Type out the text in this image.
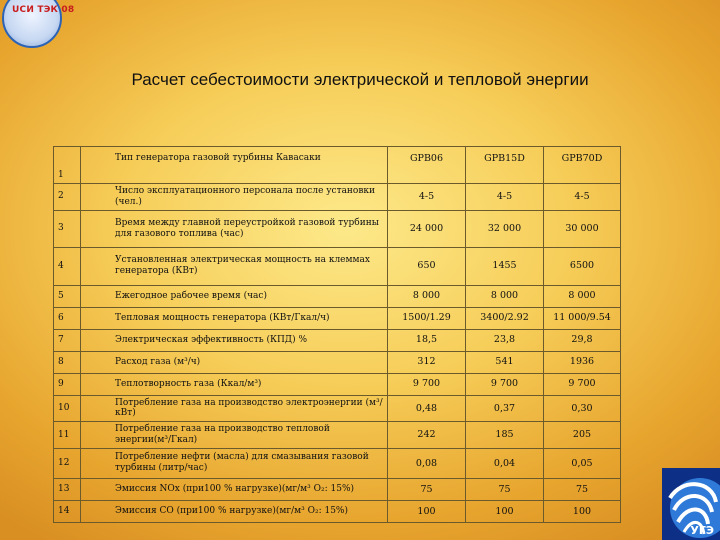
UCИ ТЭК 08
Расчет себестоимости электрической и тепловой энергии
1	Тип генератора газовой турбины Кавасаки	GPB06	GPB15D	GPB70D
2	Число эксплуатационного персонала после установки (чел.)	4-5	4-5	4-5
3	Время между главной переустройкой газовой турбины для газового топлива (час)	24 000	32 000	30 000
4	Установленная электрическая мощность на клеммах генератора (КВт)	650	1455	6500
5	Ежегодное рабочее время (час)	8 000	8 000	8 000
6	Тепловая мощность генератора (КВт/Гкал/ч)	1500/1.29	3400/2.92	11 000/9.54
7	Электрическая эффективность (КПД) %	18,5	23,8	29,8
8	Расход газа (м³/ч)	312	541	1936
9	Теплотворность газа (Ккал/м³)	9 700	9 700	9 700
10	Потребление газа на производство электроэнергии (м³/кВт)	0,48	0,37	0,30
11	Потребление газа на производство тепловой энергии(м³/Гкал)	242	185	205
12	Потребление нефти (масла) для смазывания газовой турбины (литр/час)	0,08	0,04	0,05
13	Эмиссия NOx (при100 % нагрузке)(мг/м³ О₂: 15%)	75	75	75
14	Эмиссия CO (при100 % нагрузке)(мг/м³ О₂: 15%)	100	100	100
УГЭ
